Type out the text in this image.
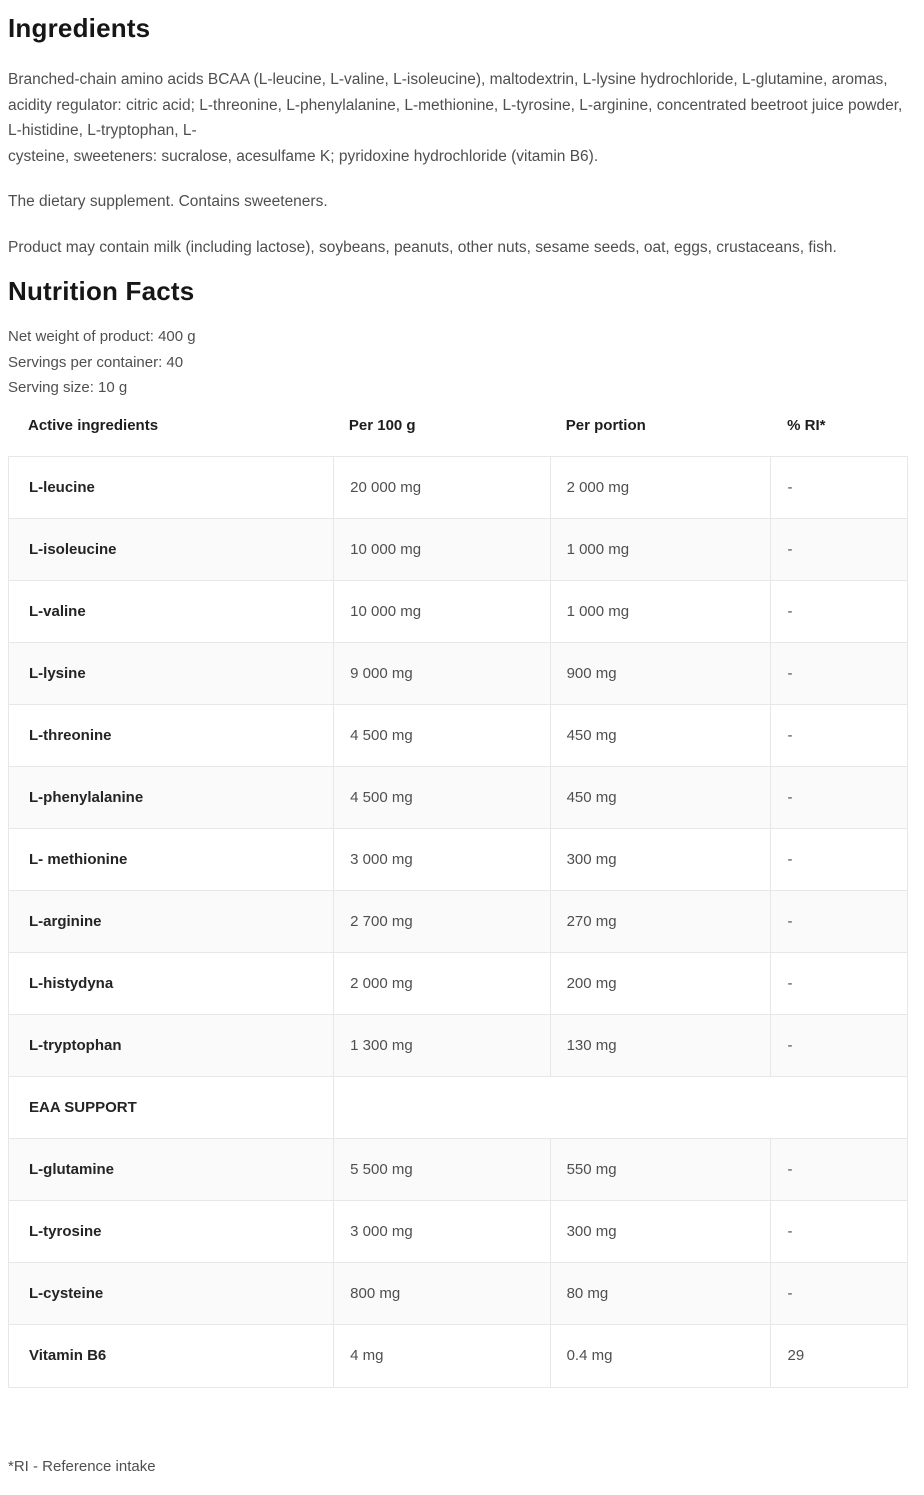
Ingredients

Branched-chain amino acids BCAA (L-leucine, L-valine, L-isoleucine), maltodextrin, L-lysine hydrochloride, L-glutamine, aromas, acidity regulator: citric acid; L-threonine, L-phenylalanine, L-methionine, L-tyrosine, L-arginine, concentrated beetroot juice powder, L-histidine, L-tryptophan, L-
cysteine, sweeteners: sucralose, acesulfame K; pyridoxine hydrochloride (vitamin B6).

The dietary supplement. Contains sweeteners.

Product may contain milk (including lactose), soybeans, peanuts, other nuts, sesame seeds, oat, eggs, crustaceans, fish.

Nutrition Facts
Net weight of product: 400 g
Servings per container: 40
Serving size: 10 g
Active ingredients	Per 100 g	Per portion	% RI*
L-leucine	20 000 mg	2 000 mg	-
L-isoleucine	10 000 mg	1 000 mg	-
L-valine	10 000 mg	1 000 mg	-
L-lysine	9 000 mg	900 mg	-
L-threonine	4 500 mg	450 mg	-
L-phenylalanine	4 500 mg	450 mg	-
L- methionine	3 000 mg	300 mg	-
L-arginine	2 700 mg	270 mg	-
L-histydyna	2 000 mg	200 mg	-
L-tryptophan	1 300 mg	130 mg	-
EAA SUPPORT
L-glutamine	5 500 mg	550 mg	-
L-tyrosine	3 000 mg	300 mg	-
L-cysteine	800 mg	80 mg	-
Vitamin B6	4 mg	0.4 mg	29

*RI - Reference intake
